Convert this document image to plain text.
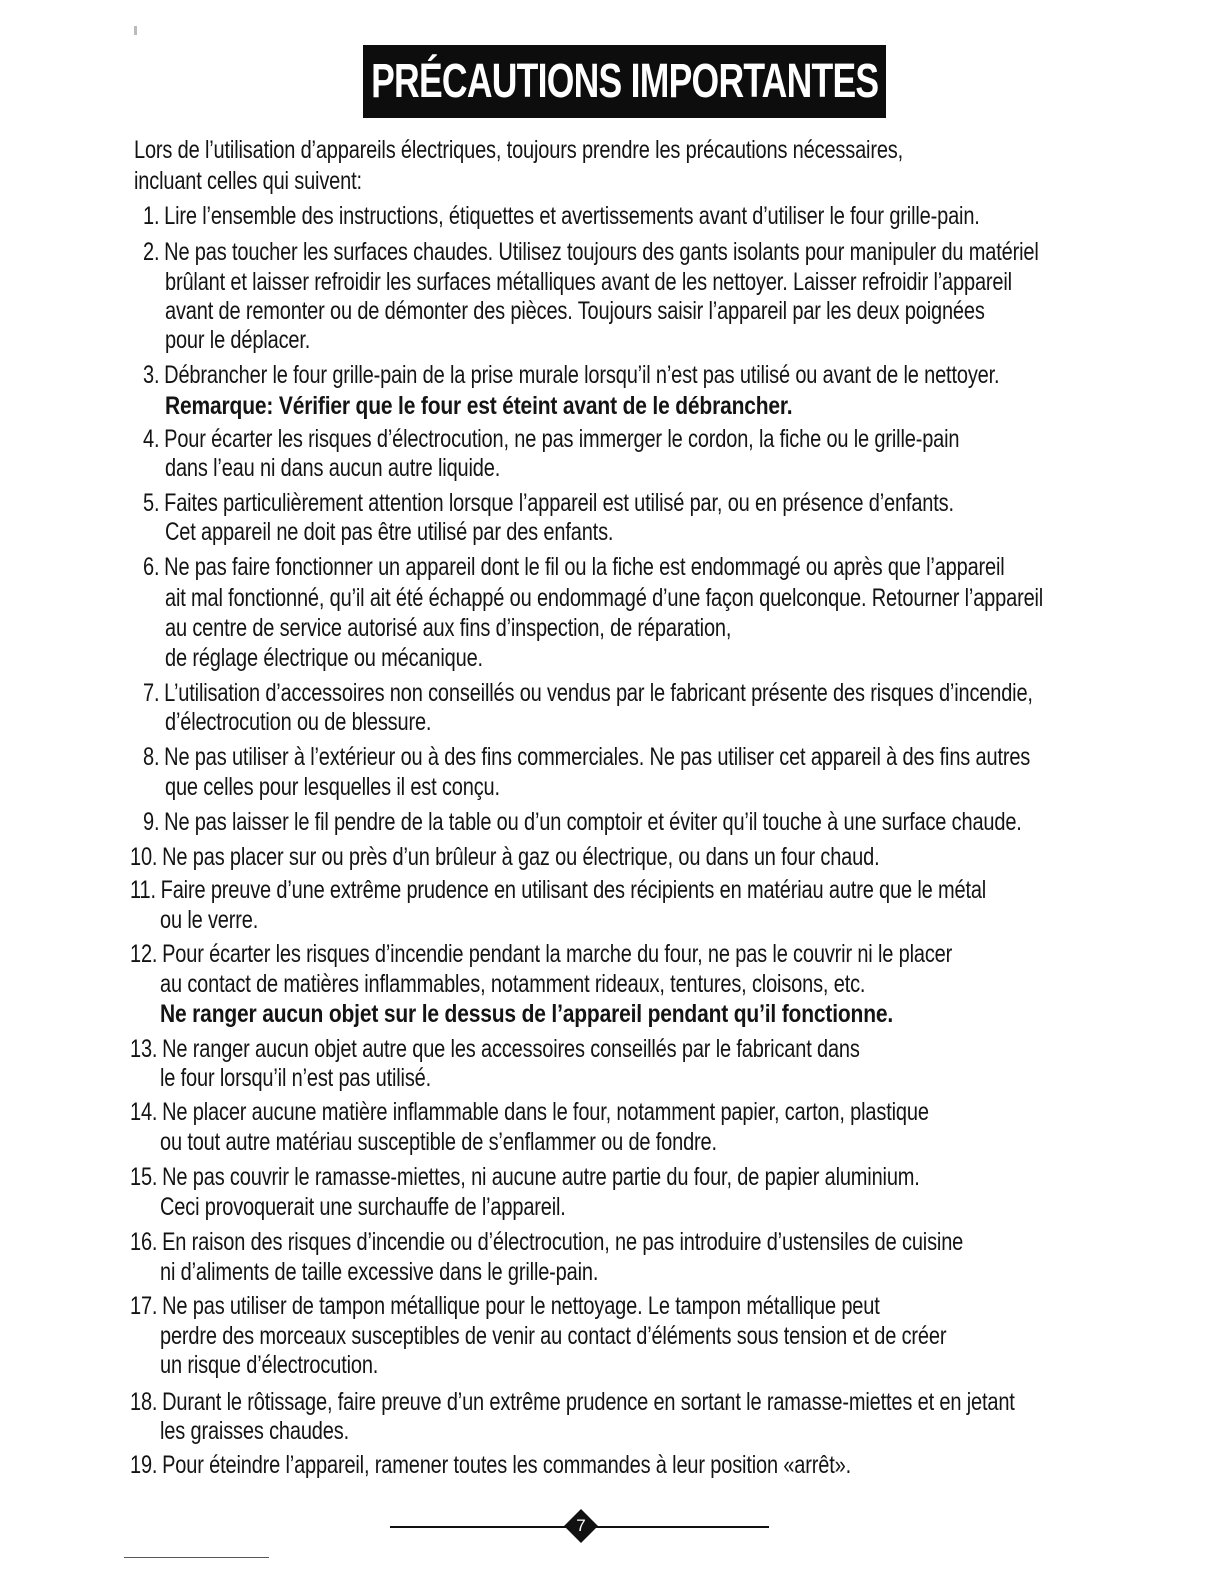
PRÉCAUTIONS IMPORTANTES
Lors de l’utilisation d’appareils électriques, toujours prendre les précautions nécessaires,
incluant celles qui suivent:
1. Lire l’ensemble des instructions, étiquettes et avertissements avant d’utiliser le four grille-pain.
2. Ne pas toucher les surfaces chaudes. Utilisez toujours des gants isolants pour manipuler du matériel
brûlant et laisser refroidir les surfaces métalliques avant de les nettoyer. Laisser refroidir l’appareil
avant de remonter ou de démonter des pièces. Toujours saisir l’appareil par les deux poignées
pour le déplacer.
3. Débrancher le four grille-pain de la prise murale lorsqu’il n’est pas utilisé ou avant de le nettoyer.
Remarque: Vérifier que le four est éteint avant de le débrancher.
4. Pour écarter les risques d’électrocution, ne pas immerger le cordon, la fiche ou le grille-pain
dans l’eau ni dans aucun autre liquide.
5. Faites particulièrement attention lorsque l’appareil est utilisé par, ou en présence d’enfants.
Cet appareil ne doit pas être utilisé par des enfants.
6. Ne pas faire fonctionner un appareil dont le fil ou la fiche est endommagé ou après que l’appareil
ait mal fonctionné, qu’il ait été échappé ou endommagé d’une façon quelconque. Retourner l’appareil
au centre de service autorisé aux fins d’inspection, de réparation,
de réglage électrique ou mécanique.
7. L’utilisation d’accessoires non conseillés ou vendus par le fabricant présente des risques d’incendie,
d’électrocution ou de blessure.
8. Ne pas utiliser à l’extérieur ou à des fins commerciales. Ne pas utiliser cet appareil à des fins autres
que celles pour lesquelles il est conçu.
9. Ne pas laisser le fil pendre de la table ou d’un comptoir et éviter qu’il touche à une surface chaude.
10. Ne pas placer sur ou près d’un brûleur à gaz ou électrique, ou dans un four chaud.
11. Faire preuve d’une extrême prudence en utilisant des récipients en matériau autre que le métal
ou le verre.
12. Pour écarter les risques d’incendie pendant la marche du four, ne pas le couvrir ni le placer
au contact de matières inflammables, notamment rideaux, tentures, cloisons, etc.
Ne ranger aucun objet sur le dessus de l’appareil pendant qu’il fonctionne.
13. Ne ranger aucun objet autre que les accessoires conseillés par le fabricant dans
le four lorsqu’il n’est pas utilisé.
14. Ne placer aucune matière inflammable dans le four, notamment papier, carton, plastique
ou tout autre matériau susceptible de s’enflammer ou de fondre.
15. Ne pas couvrir le ramasse-miettes, ni aucune autre partie du four, de papier aluminium.
Ceci provoquerait une surchauffe de l’appareil.
16. En raison des risques d’incendie ou d’électrocution, ne pas introduire d’ustensiles de cuisine
ni d’aliments de taille excessive dans le grille-pain.
17. Ne pas utiliser de tampon métallique pour le nettoyage. Le tampon métallique peut
perdre des morceaux susceptibles de venir au contact d’éléments sous tension et de créer
un risque d’électrocution.
18. Durant le rôtissage, faire preuve d’un extrême prudence en sortant le ramasse-miettes et en jetant
les graisses chaudes.
19. Pour éteindre l’appareil, ramener toutes les commandes à leur position «arrêt».
7
